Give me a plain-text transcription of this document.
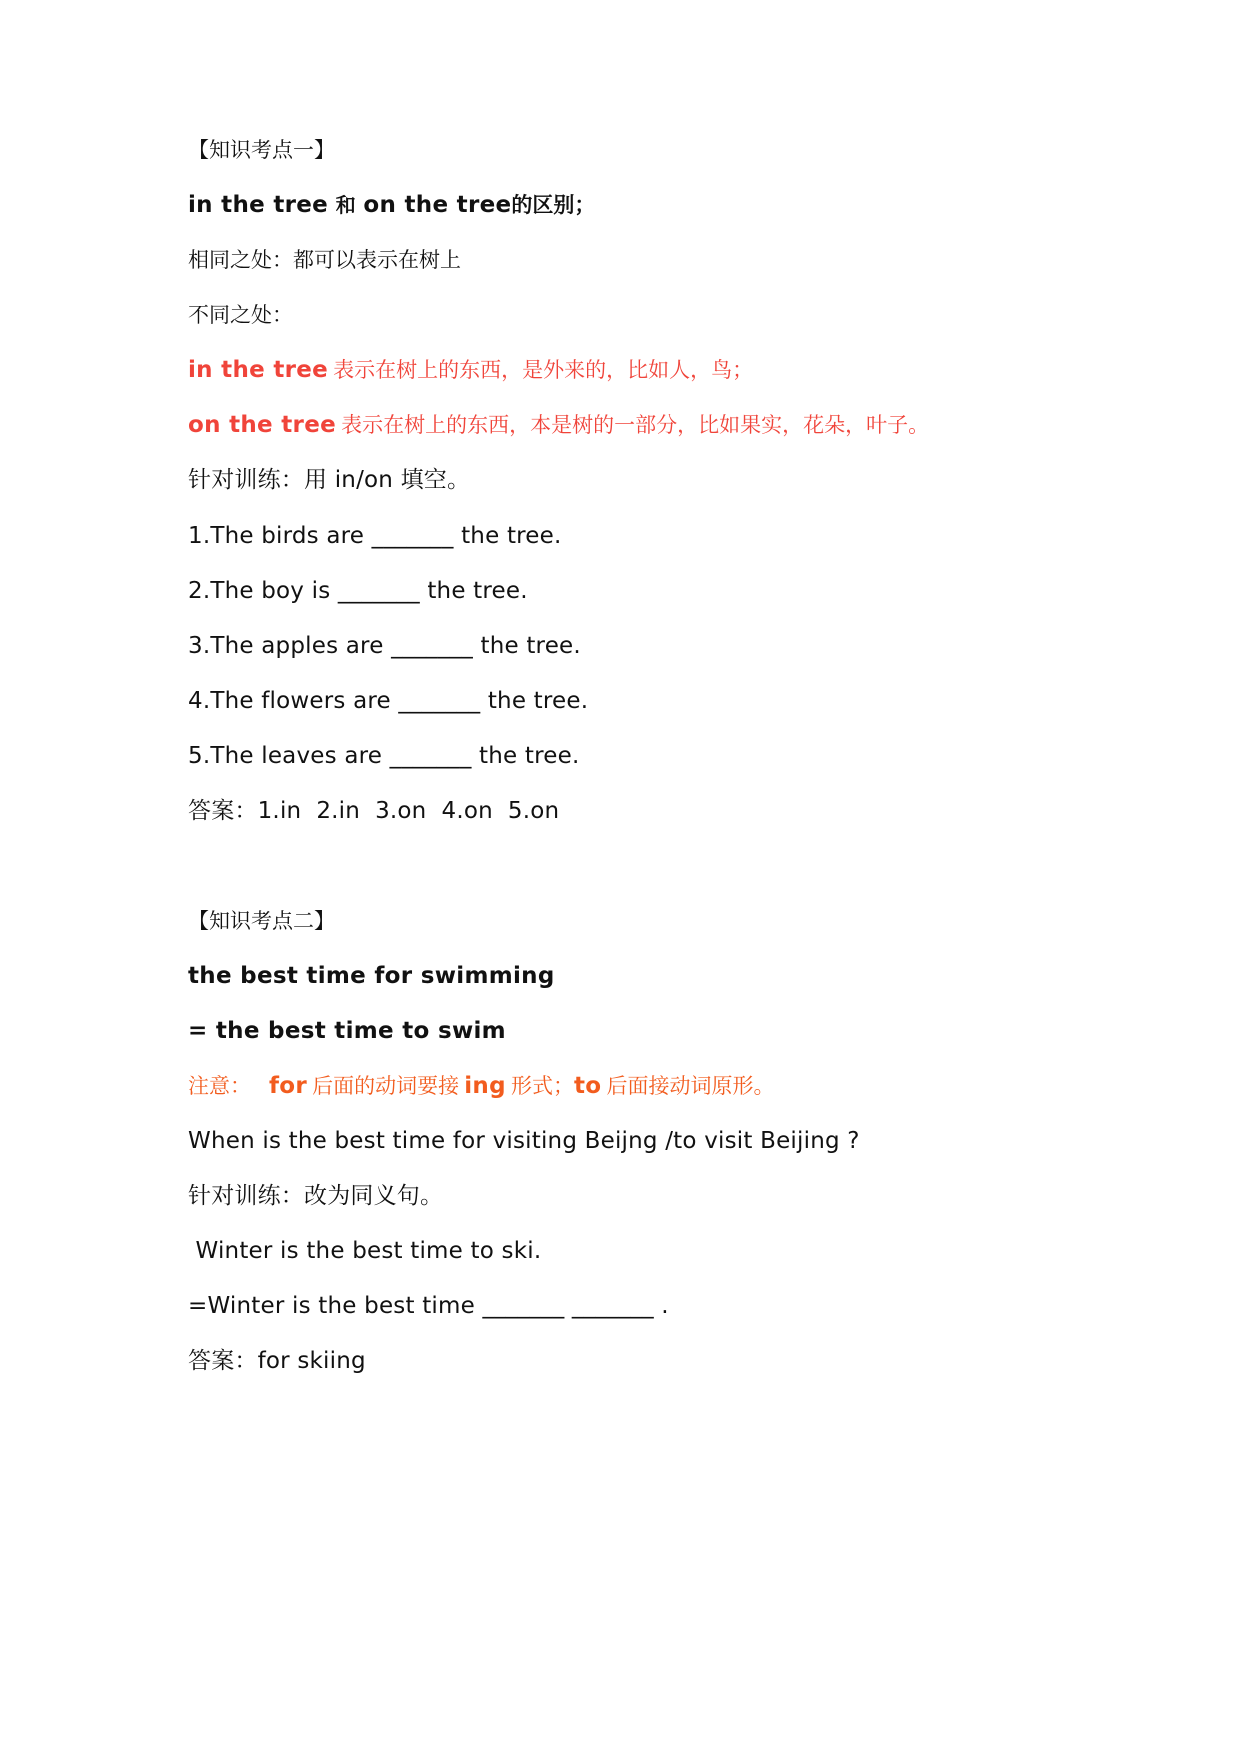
【知识考点一】
in the tree 和 on the tree的区别；
相同之处：都可以表示在树上
不同之处：
in the tree 表示在树上的东西，是外来的，比如人，鸟；
on the tree 表示在树上的东西，本是树的一部分，比如果实，花朵，叶子。
针对训练：用 in/on 填空。
1.The birds are _______ the tree.
2.The boy is _______ the tree.
3.The apples are _______ the tree.
4.The flowers are _______ the tree.
5.The leaves are _______ the tree.
答案：1.in  2.in  3.on  4.on  5.on
【知识考点二】
the best time for swimming
= the best time to swim
注意： for 后面的动词要接 ing 形式；to 后面接动词原形。
When is the best time for visiting Beijng /to visit Beijing ?
针对训练：改为同义句。
Winter is the best time to ski.
=Winter is the best time _______ _______ .
答案：for skiing
